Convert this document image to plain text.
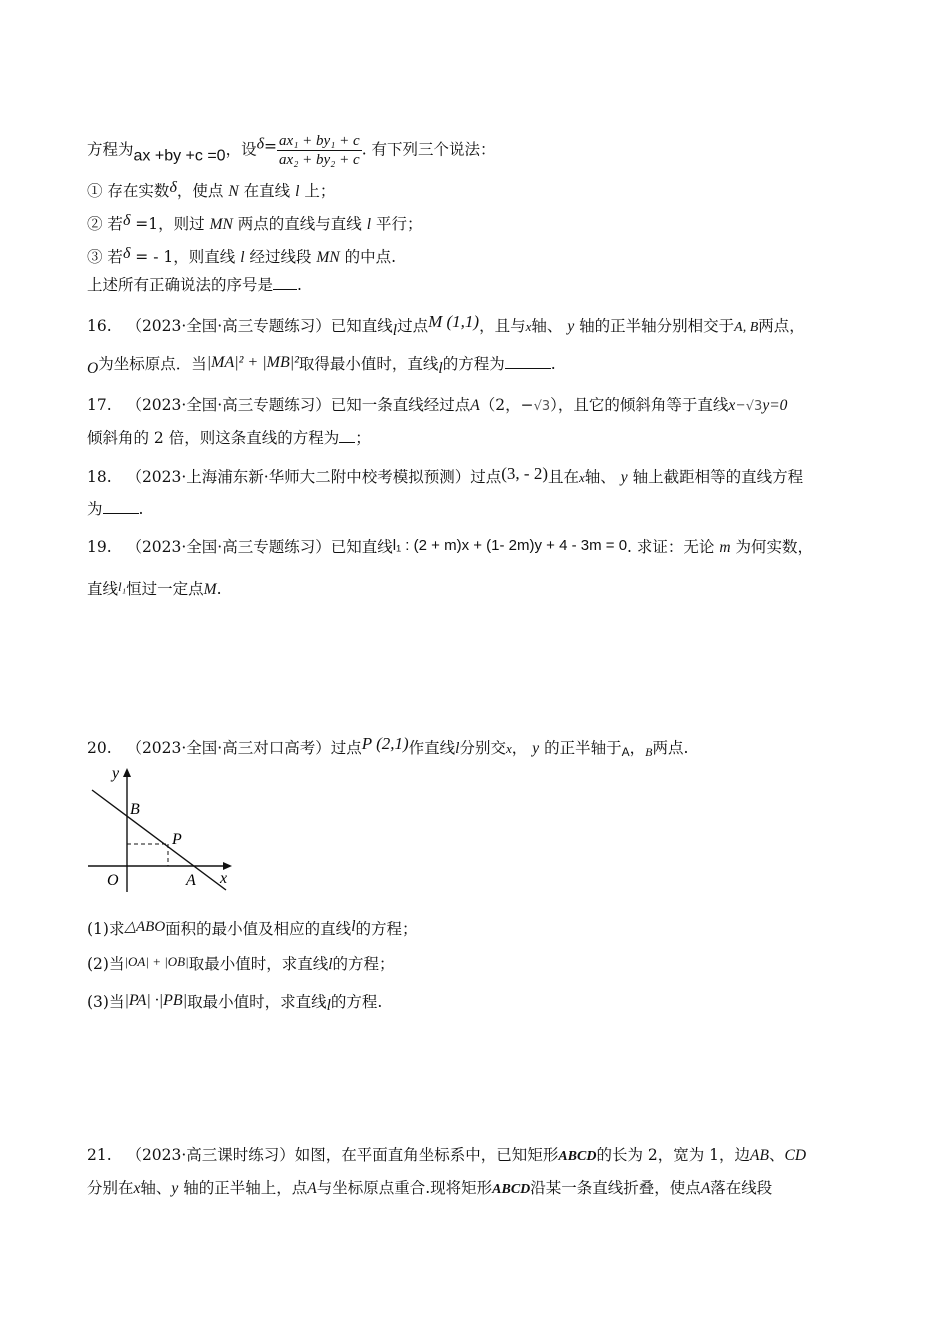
方程为ax +by +c =0，设$\delta= \frac{\text{ax₁ + by₁ + c}}{\text{ax₂ + by₂ + c}}$ . 有下列三个说法：
① 存在实数δ，使点 N 在直线 l 上；
② 若δ =1，则过 MN 两点的直线与直线 l 平行；
③ 若δ = - 1，则直线 l 经过线段 MN 的中点.
上述所有正确说法的序号是 .
16. （2023·全国·高三专题练习）已知直线l过点M (1,1)，且与x轴、 y 轴的正半轴分别相交于A, B两点，
O为坐标原点．当|MA|² + |MB|²取得最小值时，直线l的方程为	.
17. （2023·全国·高三专题练习）已知一条直线经过点A（2，−√3），且它的倾斜角等于直线x−√3y=0
倾斜角的 2 倍，则这条直线的方程为 ；
18. （2023·上海浦东新·华师大二附中校考模拟预测）过点(3, - 2)且在x轴、 y 轴上截距相等的直线方程
为 .
19. （2023·全国·高三专题练习）已知直线l₁ : (2 + m)x + (1- 2m)y + 4 - 3m = 0. 求证：无论 m 为何实数，
直线l₁恒过一定点M.
20. （2023·全国·高三对口高考）过点P (2,1)作直线l分别交x， y 的正半轴于A，B两点.
y
B
P
O	A x
(1)求△ABO面积的最小值及相应的直线l的方程；
(2)当|OA| + |OB|取最小值时，求直线l的方程；
(3)当|PA| ·|PB|取最小值时，求直线l的方程.
21. （2023·高三课时练习）如图，在平面直角坐标系中，已知矩形ABCD的长为 2，宽为 1，边AB、CD
分别在x轴、y 轴的正半轴上，点A与坐标原点重合.现将矩形ABCD沿某一条直线折叠，使点A落在线段
